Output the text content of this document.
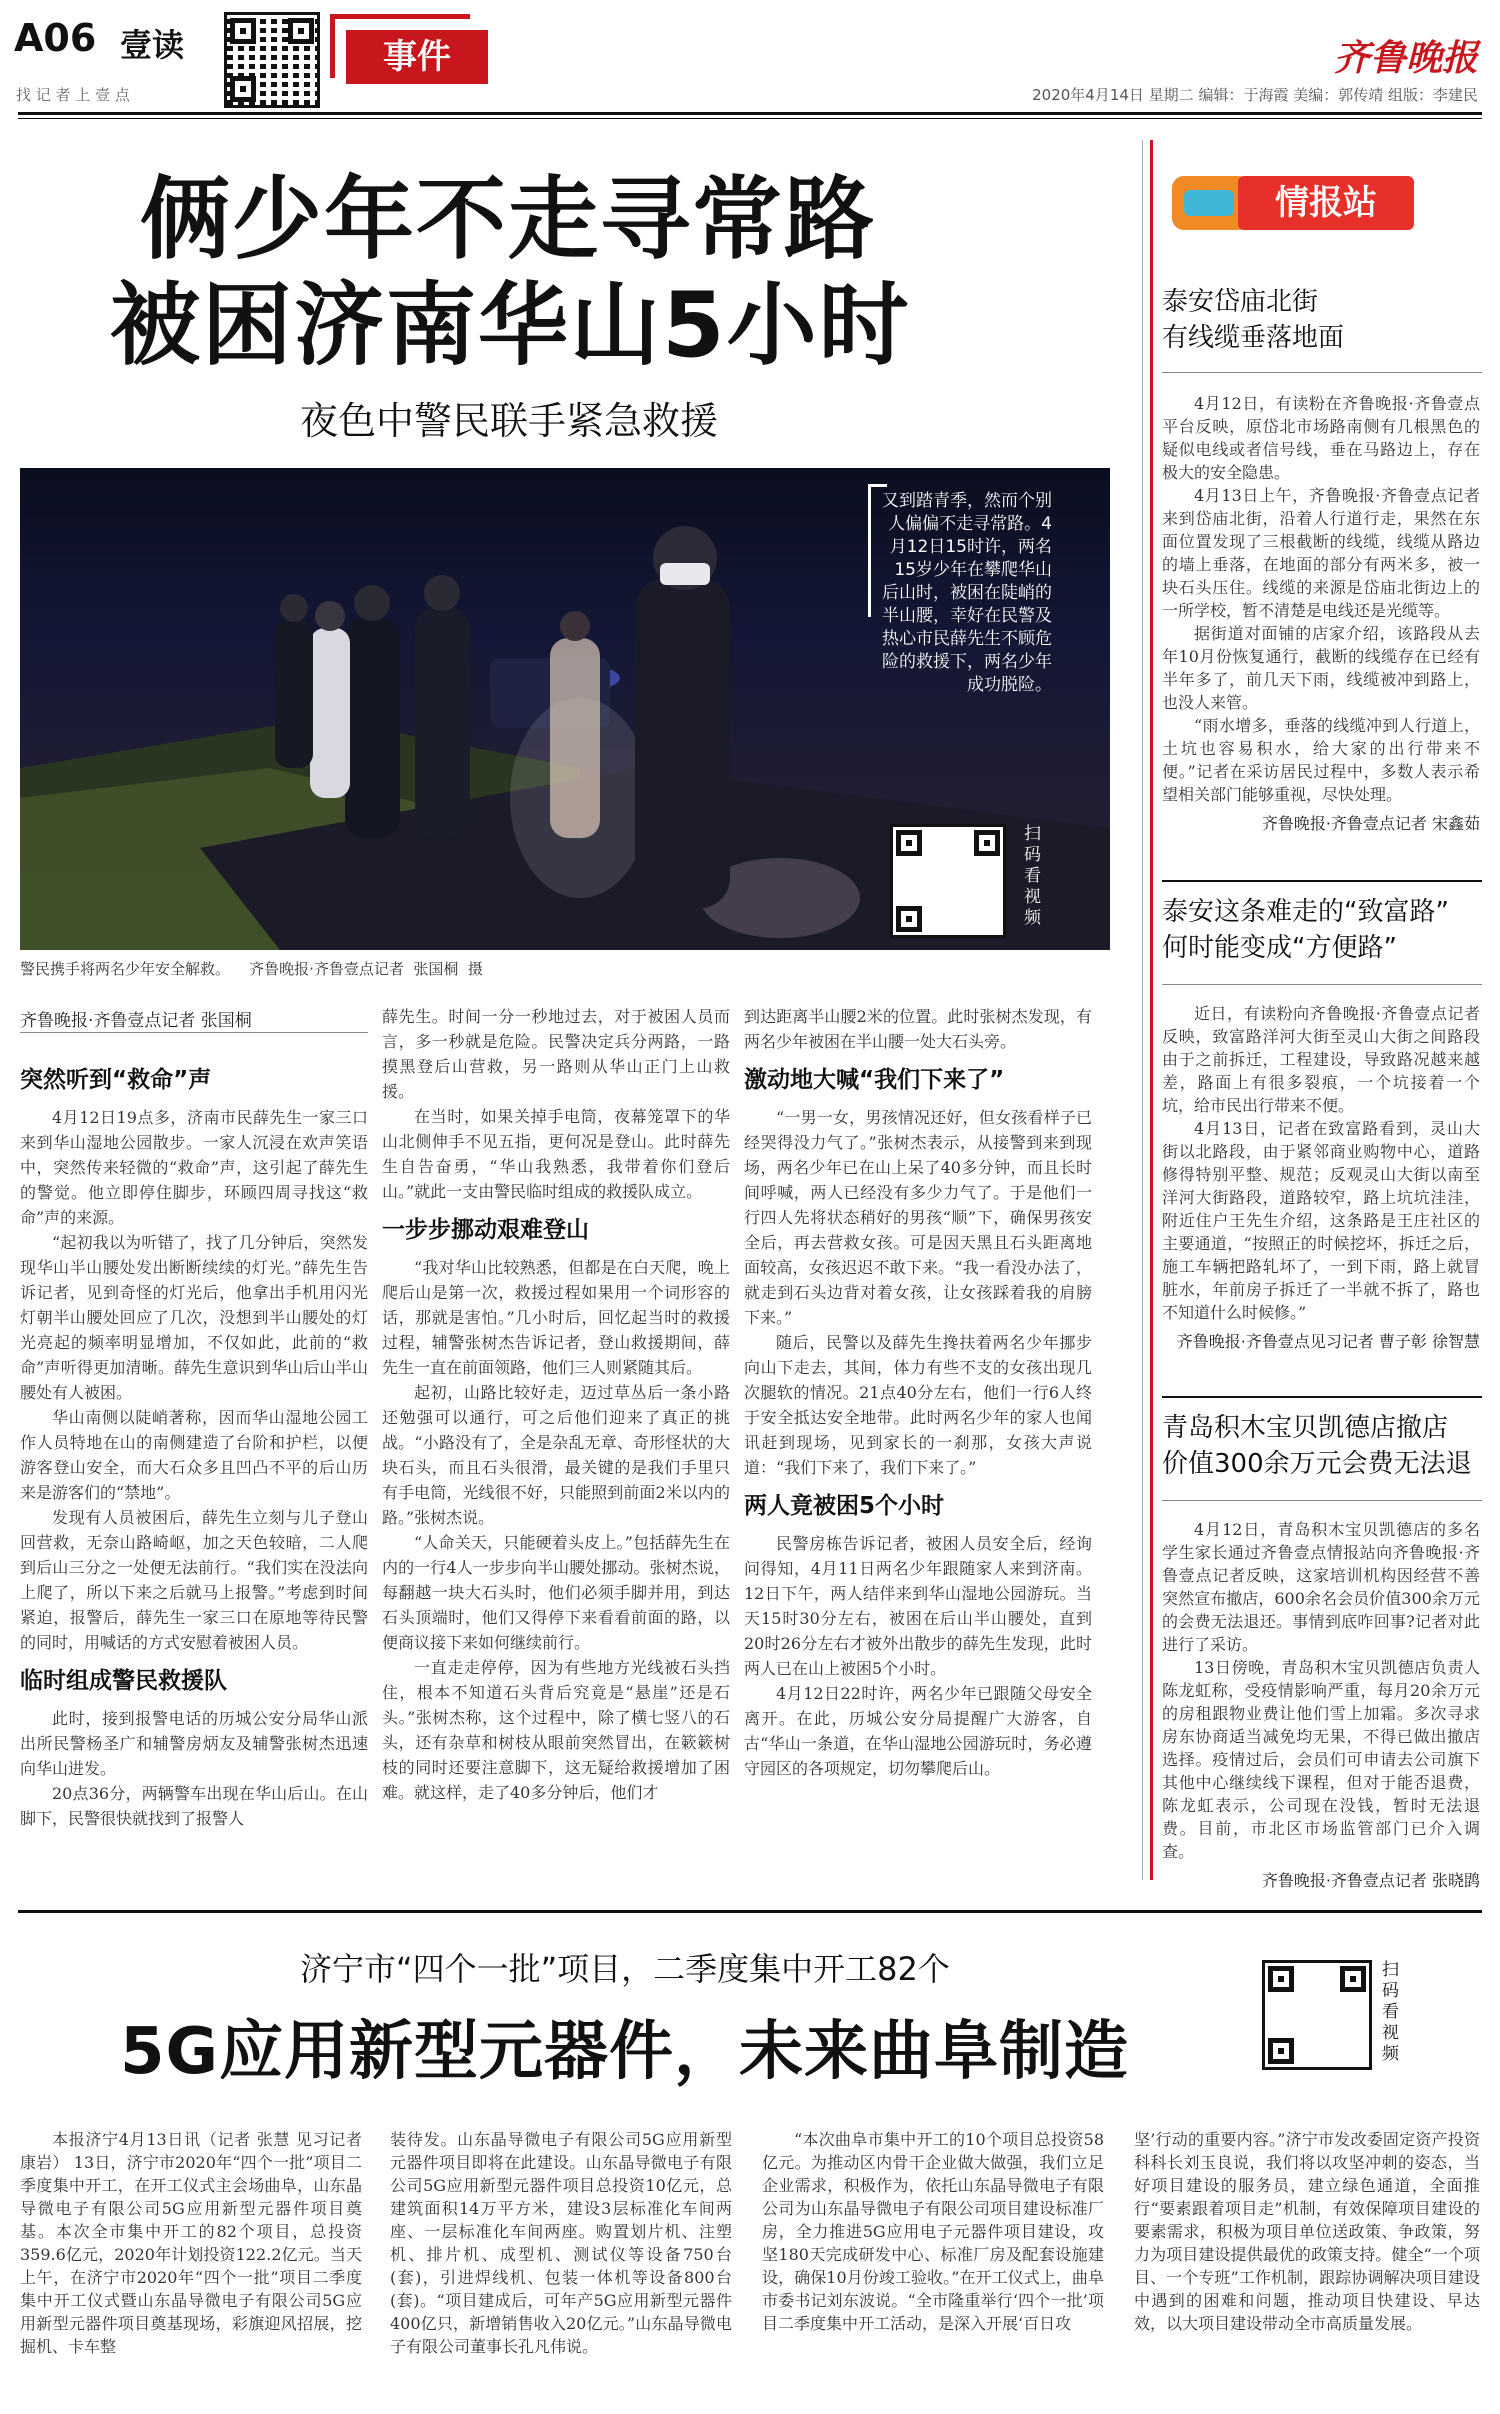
A06 壹读
找 记 者 上 壹 点
事件	齐鲁晚报
2020年4月14日 星期二 编辑：于海霞 美编：郭传靖 组版：李建民
俩少年不走寻常路
被困济南华山5小时
夜色中警民联手紧急救援
又到踏青季，然而个别人偏偏不走寻常路。4月12日15时许，两名15岁少年在攀爬华山后山时，被困在陡峭的半山腰，幸好在民警及热心市民薛先生不顾危险的救援下，两名少年成功脱险。
扫码看视频
警民携手将两名少年安全解救。    齐鲁晚报·齐鲁壹点记者  张国桐  摄
齐鲁晚报·齐鲁壹点记者 张国桐
突然听到“救命”声

4月12日19点多，济南市民薛先生一家三口来到华山湿地公园散步。一家人沉浸在欢声笑语中，突然传来轻微的“救命”声，这引起了薛先生的警觉。他立即停住脚步，环顾四周寻找这“救命”声的来源。

“起初我以为听错了，找了几分钟后，突然发现华山半山腰处发出断断续续的灯光。”薛先生告诉记者，见到奇怪的灯光后，他拿出手机用闪光灯朝半山腰处回应了几次，没想到半山腰处的灯光亮起的频率明显增加，不仅如此，此前的“救命”声听得更加清晰。薛先生意识到华山后山半山腰处有人被困。

华山南侧以陡峭著称，因而华山湿地公园工作人员特地在山的南侧建造了台阶和护栏，以便游客登山安全，而大石众多且凹凸不平的后山历来是游客们的“禁地”。

发现有人员被困后，薛先生立刻与儿子登山回营救，无奈山路崎岖，加之天色较暗，二人爬到后山三分之一处便无法前行。“我们实在没法向上爬了，所以下来之后就马上报警。”考虑到时间紧迫，报警后，薛先生一家三口在原地等待民警的同时，用喊话的方式安慰着被困人员。

临时组成警民救援队

此时，接到报警电话的历城公安分局华山派出所民警杨圣广和辅警房炳友及辅警张树杰迅速向华山进发。

20点36分，两辆警车出现在华山后山。在山脚下，民警很快就找到了报警人

薛先生。时间一分一秒地过去，对于被困人员而言，多一秒就是危险。民警决定兵分两路，一路摸黑登后山营救，另一路则从华山正门上山救援。

在当时，如果关掉手电筒，夜幕笼罩下的华山北侧伸手不见五指，更何况是登山。此时薛先生自告奋勇，“华山我熟悉，我带着你们登后山。”就此一支由警民临时组成的救援队成立。

一步步挪动艰难登山

“我对华山比较熟悉，但都是在白天爬，晚上爬后山是第一次，救援过程如果用一个词形容的话，那就是害怕。”几小时后，回忆起当时的救援过程，辅警张树杰告诉记者，登山救援期间，薛先生一直在前面领路，他们三人则紧随其后。

起初，山路比较好走，迈过草丛后一条小路还勉强可以通行，可之后他们迎来了真正的挑战。“小路没有了，全是杂乱无章、奇形怪状的大块石头，而且石头很滑，最关键的是我们手里只有手电筒，光线很不好，只能照到前面2米以内的路。”张树杰说。

“人命关天，只能硬着头皮上。”包括薛先生在内的一行4人一步步向半山腰处挪动。张树杰说，每翻越一块大石头时，他们必须手脚并用，到达石头顶端时，他们又得停下来看看前面的路，以便商议接下来如何继续前行。

一直走走停停，因为有些地方光线被石头挡住，根本不知道石头背后究竟是“悬崖”还是石头。”张树杰称，这个过程中，除了横七竖八的石头，还有杂草和树枝从眼前突然冒出，在簌簌树枝的同时还要注意脚下，这无疑给救援增加了困难。就这样，走了40多分钟后，他们才

到达距离半山腰2米的位置。此时张树杰发现，有两名少年被困在半山腰一处大石头旁。

激动地大喊“我们下来了”

“一男一女，男孩情况还好，但女孩看样子已经哭得没力气了。”张树杰表示，从接警到来到现场，两名少年已在山上呆了40多分钟，而且长时间呼喊，两人已经没有多少力气了。于是他们一行四人先将状态稍好的男孩“顺”下，确保男孩安全后，再去营救女孩。可是因天黑且石头距离地面较高，女孩迟迟不敢下来。“我一看没办法了，就走到石头边背对着女孩，让女孩踩着我的肩膀下来。”

随后，民警以及薛先生搀扶着两名少年挪步向山下走去，其间，体力有些不支的女孩出现几次腿软的情况。21点40分左右，他们一行6人终于安全抵达安全地带。此时两名少年的家人也闻讯赶到现场，见到家长的一刹那，女孩大声说道：“我们下来了，我们下来了。”

两人竟被困5个小时

民警房栋告诉记者，被困人员安全后，经询问得知，4月11日两名少年跟随家人来到济南。12日下午，两人结伴来到华山湿地公园游玩。当天15时30分左右，被困在后山半山腰处，直到20时26分左右才被外出散步的薛先生发现，此时两人已在山上被困5个小时。

4月12日22时许，两名少年已跟随父母安全离开。在此，历城公安分局提醒广大游客，自古“华山一条道，在华山湿地公园游玩时，务必遵守园区的各项规定，切勿攀爬后山。

情报站
泰安岱庙北街
有线缆垂落地面

4月12日，有读粉在齐鲁晚报·齐鲁壹点平台反映，原岱北市场路南侧有几根黑色的疑似电线或者信号线，垂在马路边上，存在极大的安全隐患。

4月13日上午，齐鲁晚报·齐鲁壹点记者来到岱庙北街，沿着人行道行走，果然在东面位置发现了三根截断的线缆，线缆从路边的墙上垂落，在地面的部分有两米多，被一块石头压住。线缆的来源是岱庙北街边上的一所学校，暂不清楚是电线还是光缆等。

据街道对面铺的店家介绍，该路段从去年10月份恢复通行，截断的线缆存在已经有半年多了，前几天下雨，线缆被冲到路上，也没人来管。

“雨水增多，垂落的线缆冲到人行道上，土坑也容易积水，给大家的出行带来不便。”记者在采访居民过程中，多数人表示希望相关部门能够重视，尽快处理。

齐鲁晚报·齐鲁壹点记者 宋鑫茹
泰安这条难走的“致富路”
何时能变成“方便路”

近日，有读粉向齐鲁晚报·齐鲁壹点记者反映，致富路洋河大街至灵山大街之间路段由于之前拆迁，工程建设，导致路况越来越差，路面上有很多裂痕，一个坑接着一个坑，给市民出行带来不便。

4月13日，记者在致富路看到，灵山大街以北路段，由于紧邻商业购物中心，道路修得特别平整、规范；反观灵山大街以南至洋河大街路段，道路较窄，路上坑坑洼洼，附近住户王先生介绍，这条路是王庄社区的主要通道，“按照正的时候挖坏，拆迁之后，施工车辆把路轧坏了，一到下雨，路上就冒脏水，年前房子拆迁了一半就不拆了，路也不知道什么时候修。”

齐鲁晚报·齐鲁壹点见习记者 曹子彰 徐智慧
青岛积木宝贝凯德店撤店
价值300余万元会费无法退

4月12日，青岛积木宝贝凯德店的多名学生家长通过齐鲁壹点情报站向齐鲁晚报·齐鲁壹点记者反映，这家培训机构因经营不善突然宣布撤店，600余名会员价值300余万元的会费无法退还。事情到底咋回事?记者对此进行了采访。

13日傍晚，青岛积木宝贝凯德店负责人陈龙虹称，受疫情影响严重，每月20余万元的房租跟物业费让他们雪上加霜。多次寻求房东协商适当减免均无果，不得已做出撤店选择。疫情过后，会员们可申请去公司旗下其他中心继续线下课程，但对于能否退费，陈龙虹表示，公司现在没钱，暂时无法退费。目前，市北区市场监管部门已介入调查。

齐鲁晚报·齐鲁壹点记者 张晓鹍
济宁市“四个一批”项目，二季度集中开工82个
5G应用新型元器件，未来曲阜制造
扫码看视频

本报济宁4月13日讯（记者 张慧 见习记者 康岩） 13日，济宁市2020年“四个一批”项目二季度集中开工，在开工仪式主会场曲阜，山东晶导微电子有限公司5G应用新型元器件项目奠基。本次全市集中开工的82个项目，总投资359.6亿元，2020年计划投资122.2亿元。当天上午，在济宁市2020年“四个一批”项目二季度集中开工仪式暨山东晶导微电子有限公司5G应用新型元器件项目奠基现场，彩旗迎风招展，挖掘机、卡车整

装待发。山东晶导微电子有限公司5G应用新型元器件项目即将在此建设。山东晶导微电子有限公司5G应用新型元器件项目总投资10亿元，总建筑面积14万平方米，建设3层标准化车间两座、一层标准化车间两座。购置划片机、注塑机、排片机、成型机、测试仪等设备750台(套)，引进焊线机、包装一体机等设备800台(套)。“项目建成后，可年产5G应用新型元器件400亿只，新增销售收入20亿元。”山东晶导微电子有限公司董事长孔凡伟说。

“本次曲阜市集中开工的10个项目总投资58亿元。为推动区内骨干企业做大做强，我们立足企业需求，积极作为，依托山东晶导微电子有限公司为山东晶导微电子有限公司项目建设标准厂房，全力推进5G应用电子元器件项目建设，攻坚180天完成研发中心、标准厂房及配套设施建设，确保10月份竣工验收。”在开工仪式上，曲阜市委书记刘东波说。“全市隆重举行‘四个一批’项目二季度集中开工活动，是深入开展‘百日攻

坚’行动的重要内容。”济宁市发改委固定资产投资科科长刘玉良说，我们将以攻坚冲刺的姿态，当好项目建设的服务员，建立绿色通道，全面推行“要素跟着项目走”机制，有效保障项目建设的要素需求，积极为项目单位送政策、争政策，努力为项目建设提供最优的政策支持。健全“一个项目、一个专班”工作机制，跟踪协调解决项目建设中遇到的困难和问题，推动项目快建设、早达效，以大项目建设带动全市高质量发展。
